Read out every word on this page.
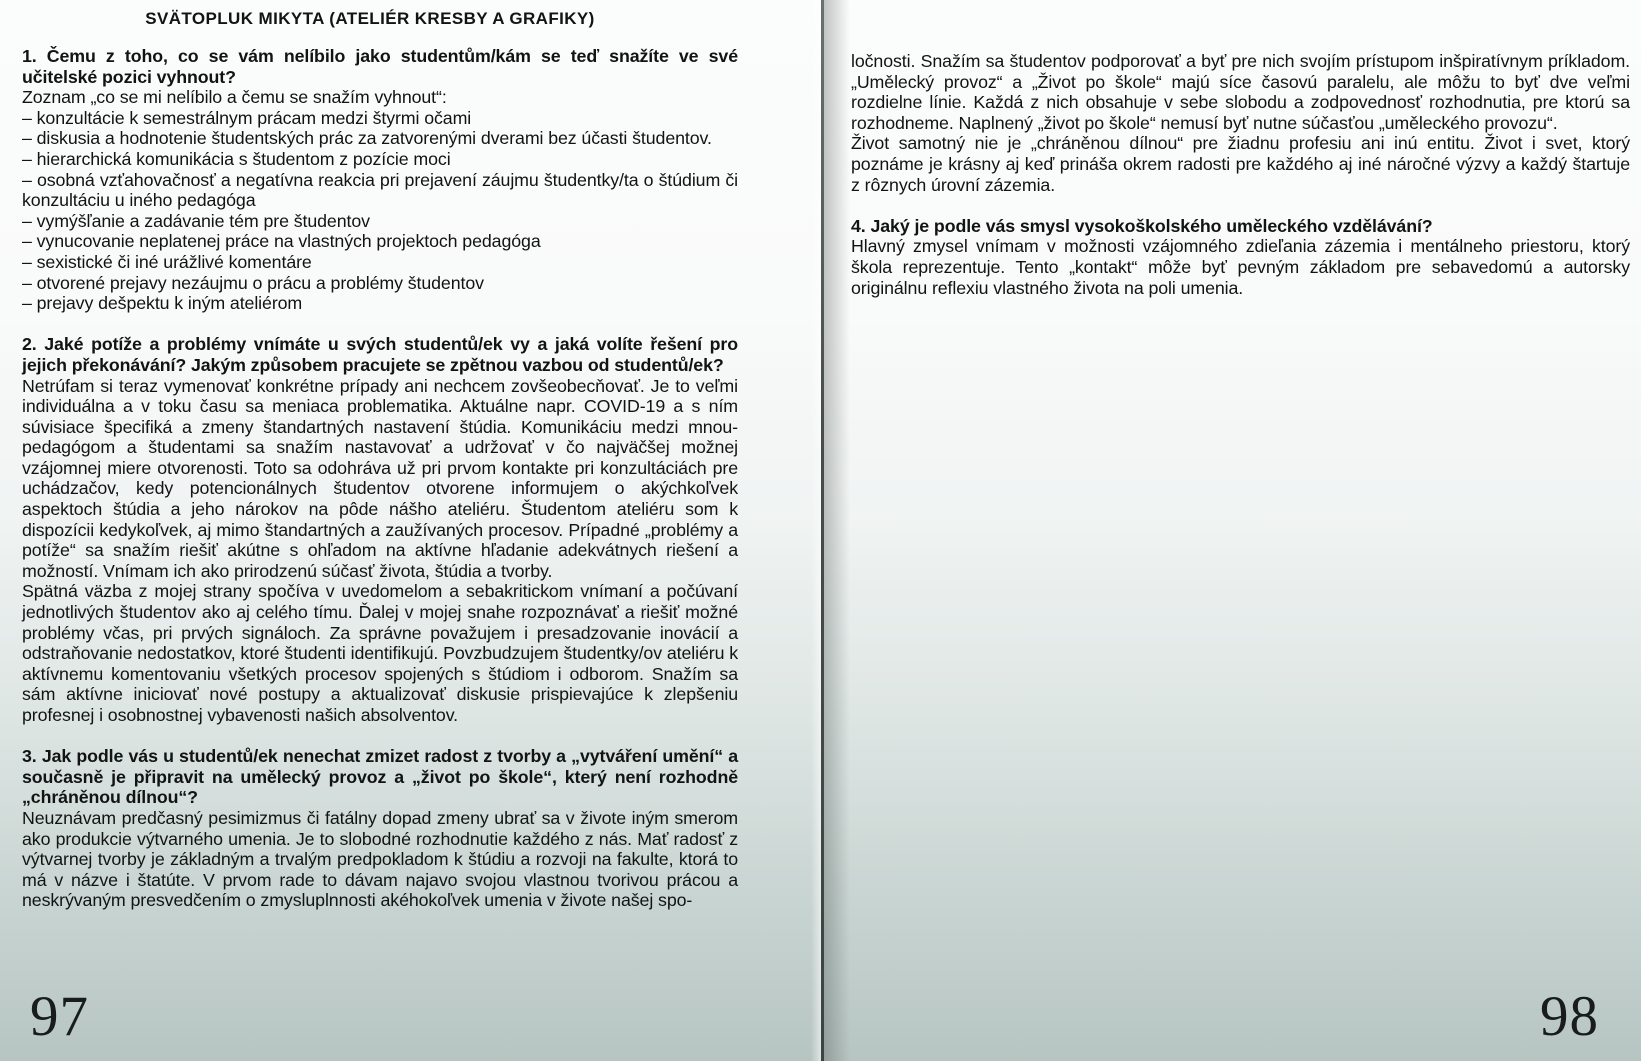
SVÄTOPLUK MIKYTA (ATELIÉR KRESBY A GRAFIKY)

1. Čemu z toho, co se vám nelíbilo jako studentům/kám se teď snažíte ve své učitelské pozici vyhnout?

Zoznam „co se mi nelíbilo a čemu se snažím vyhnout“:

– konzultácie k semestrálnym prácam medzi štyrmi očami

– diskusia a hodnotenie študentských prác za zatvorenými dverami bez účasti študentov.

– hierarchická komunikácia s študentom z pozície moci

– osobná vzťahovačnosť a negatívna reakcia pri prejavení záujmu študentky/ta o štúdium či konzultáciu u iného pedagóga

– vymýšľanie a zadávanie tém pre študentov

– vynucovanie neplatenej práce na vlastných projektoch pedagóga

– sexistické či iné urážlivé komentáre

– otvorené prejavy nezáujmu o prácu a problémy študentov

– prejavy dešpektu k iným ateliérom

2. Jaké potíže a problémy vnímáte u svých studentů/ek vy a jaká volíte řešení pro jejich překonávání? Jakým způsobem pracujete se zpětnou vazbou od studentů/ek?

Netrúfam si teraz vymenovať konkrétne prípady ani nechcem zovšeobecňovať. Je to veľmi individuálna a v toku času sa meniaca problematika. Aktuálne napr. COVID-19 a s ním súvisiace špecifiká a zmeny štandartných nastavení štúdia. Komunikáciu medzi mnou-pedagógom a študentami sa snažím nastavovať a udržovať v čo najväčšej možnej vzájomnej miere otvorenosti. Toto sa odohráva už pri prvom kontakte pri konzultáciách pre uchádzačov, kedy potencionálnych študentov otvorene informujem o akýchkoľvek aspektoch štúdia a jeho nárokov na pôde nášho ateliéru. Študentom ateliéru som k dispozícii kedykoľvek, aj mimo štandartných a zaužívaných procesov. Prípadné „problémy a potíže“ sa snažím riešiť akútne s ohľadom na aktívne hľadanie adekvátnych riešení a možností. Vnímam ich ako prirodzenú súčasť života, štúdia a tvorby.

Spätná väzba z mojej strany spočíva v uvedomelom a sebakritickom vnímaní a počúvaní jednotlivých študentov ako aj celého tímu. Ďalej v mojej snahe rozpoznávať a riešiť možné problémy včas, pri prvých signáloch. Za správne považujem i presadzovanie inovácií a odstraňovanie nedostatkov, ktoré študenti identifikujú. Povzbudzujem študentky/ov ateliéru k aktívnemu komentovaniu všetkých procesov spojených s štúdiom i odborom. Snažím sa sám aktívne iniciovať nové postupy a aktualizovať diskusie prispievajúce k zlepšeniu profesnej i osobnostnej vybavenosti našich absolventov.

3. Jak podle vás u studentů/ek nenechat zmizet radost z tvorby a „vytváření umění“ a současně je připravit na umělecký provoz a „život po škole“, který není rozhodně „chráněnou dílnou“?

Neuznávam predčasný pesimizmus či fatálny dopad zmeny ubrať sa v živote iným smerom ako produkcie výtvarného umenia. Je to slobodné rozhodnutie každého z nás. Mať radosť z výtvarnej tvorby je základným a trvalým predpokladom k štúdiu a rozvoji na fakulte, ktorá to má v názve i štatúte. V prvom rade to dávam najavo svojou vlastnou tvorivou prácou a neskrývaným presvedčením o zmysluplnnosti akéhokoľvek umenia v živote našej spo-

97

ločnosti. Snažím sa študentov podporovať a byť pre nich svojím prístupom inšpiratívnym príkladom. „Umělecký provoz“ a „Život po škole“ majú síce časovú paralelu, ale môžu to byť dve veľmi rozdielne línie. Každá z nich obsahuje v sebe slobodu a zodpovednosť rozhodnutia, pre ktorú sa rozhodneme. Naplnený „život po škole“ nemusí byť nutne súčasťou „uměleckého provozu“.

Život samotný nie je „chráněnou dílnou“ pre žiadnu profesiu ani inú entitu. Život i svet, ktorý poznáme je krásny aj keď prináša okrem radosti pre každého aj iné náročné výzvy a každý štartuje z rôznych úrovní zázemia.

4. Jaký je podle vás smysl vysokoškolského uměleckého vzdělávání?

Hlavný zmysel vnímam v možnosti vzájomného zdieľania zázemia i mentálneho priestoru, ktorý škola reprezentuje. Tento „kontakt“ môže byť pevným základom pre sebavedomú a autorsky originálnu reflexiu vlastného života na poli umenia.

98
